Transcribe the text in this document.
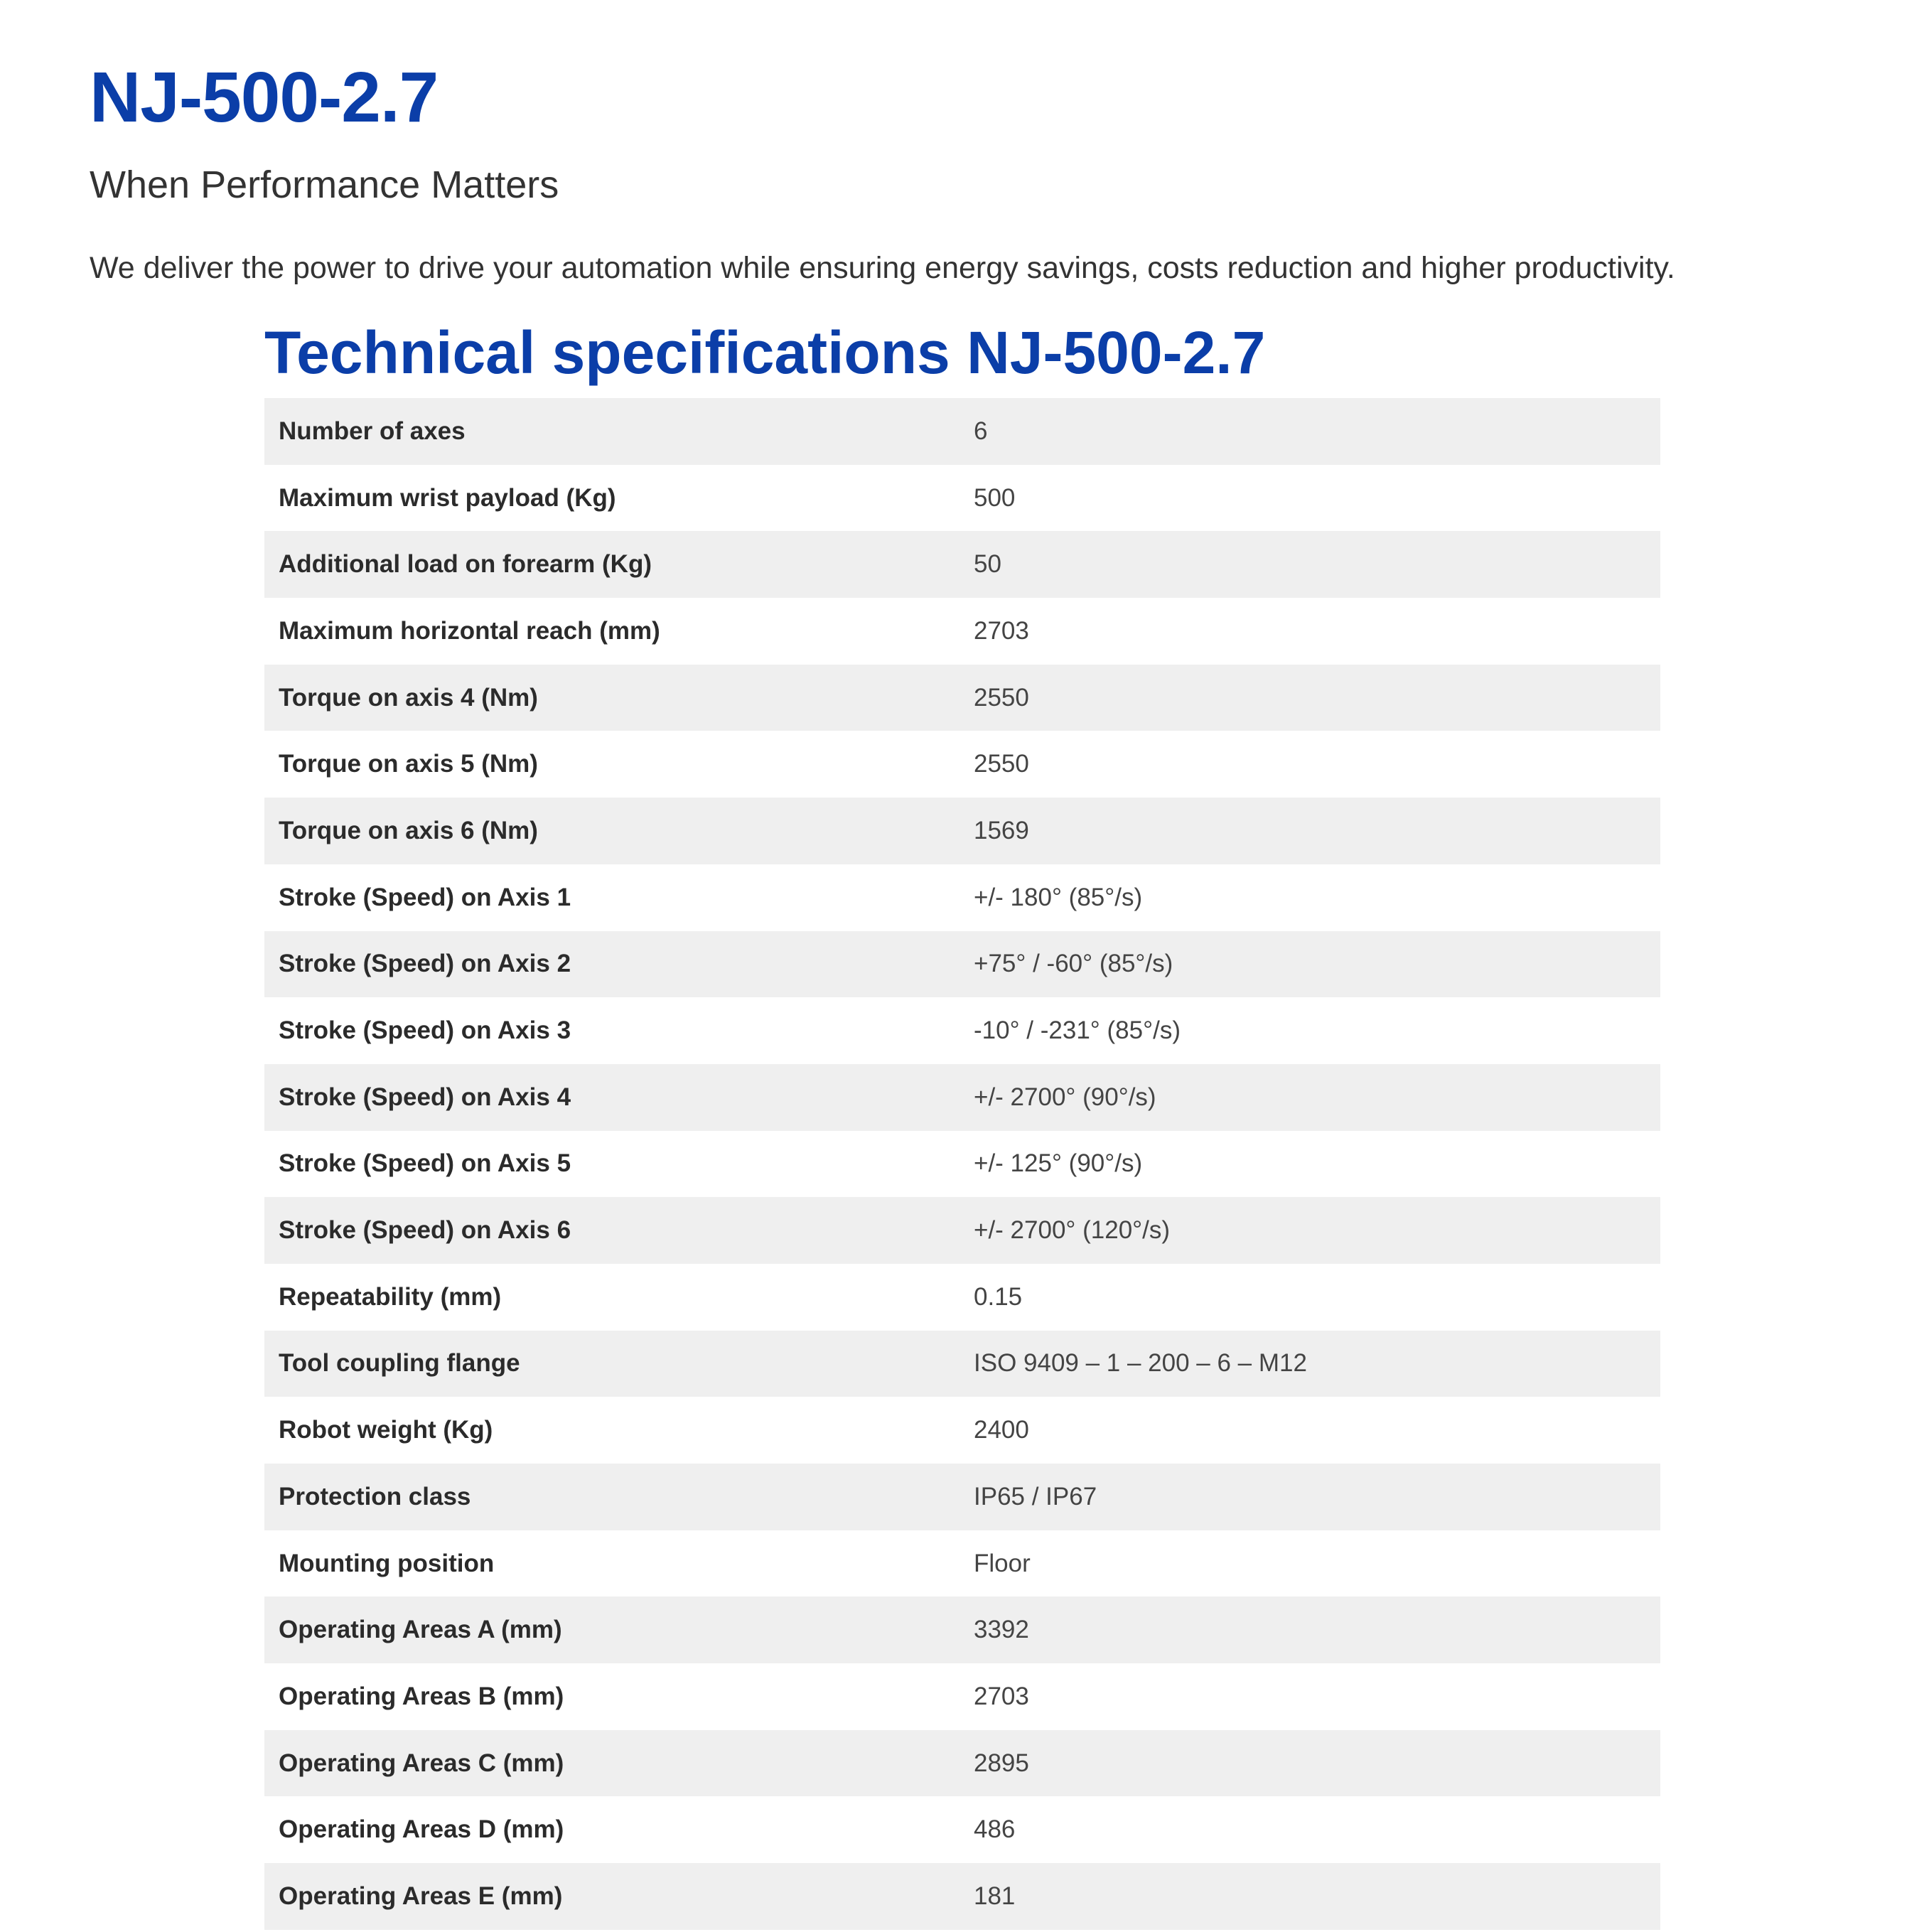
NJ-500-2.7
When Performance Matters

We deliver the power to drive your automation while ensuring energy savings, costs reduction and higher productivity.

Technical specifications NJ-500-2.7
Number of axes	6
Maximum wrist payload (Kg)	500
Additional load on forearm (Kg)	50
Maximum horizontal reach (mm)	2703
Torque on axis 4 (Nm)	2550
Torque on axis 5 (Nm)	2550
Torque on axis 6 (Nm)	1569
Stroke (Speed) on Axis 1	+/- 180° (85°/s)
Stroke (Speed) on Axis 2	+75° / -60° (85°/s)
Stroke (Speed) on Axis 3	-10° / -231° (85°/s)
Stroke (Speed) on Axis 4	+/- 2700° (90°/s)
Stroke (Speed) on Axis 5	+/- 125° (90°/s)
Stroke (Speed) on Axis 6	+/- 2700° (120°/s)
Repeatability (mm)	0.15
Tool coupling flange	ISO 9409 – 1 – 200 – 6 – M12
Robot weight (Kg)	2400
Protection class	IP65 / IP67
Mounting position	Floor
Operating Areas A (mm)	3392
Operating Areas B (mm)	2703
Operating Areas C (mm)	2895
Operating Areas D (mm)	486
Operating Areas E (mm)	181
